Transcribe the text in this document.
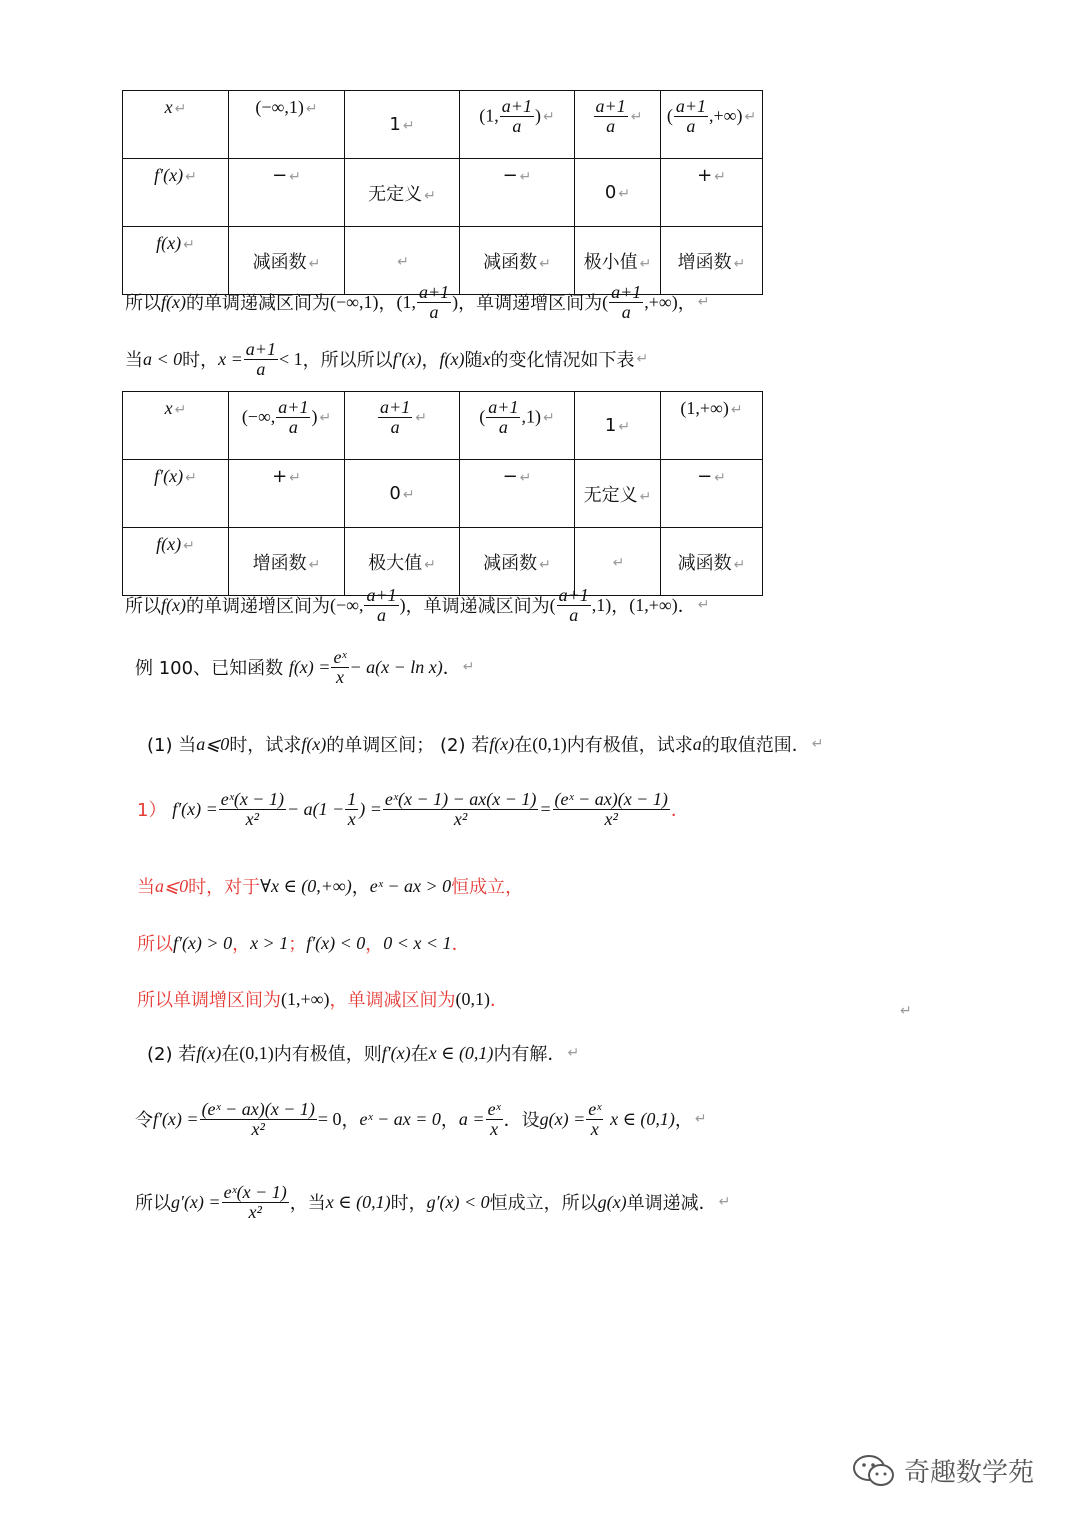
x ↵	(−∞,1) ↵	1 ↵	(1, $\frac{a+1}{a}$ ) ↵	$\frac{a+1}{a}$ ↵	( $\frac{a+1}{a}$ ,+∞) ↵
f′(x) ↵	− ↵	无定义 ↵	− ↵	0 ↵	+ ↵
f(x) ↵	减函数 ↵	↵	减函数 ↵	极小值 ↵	增函数 ↵
所以 f(x) 的单调递减区间为 (−∞,1) ， (1, $\frac{a+1}{a}$ ) ，单调递增区间为 ( $\frac{a+1}{a}$ ,+∞) ， ↵
当 a < 0 时， $x = \frac{a+1}{a} < 1$ ，所以所以 f′(x) ， f(x) 随 x 的变化情况如下表 ↵
x ↵	(−∞, $\frac{a+1}{a}$ ) ↵	$\frac{a+1}{a}$ ↵	( $\frac{a+1}{a} ,1$) ↵	1 ↵	(1,+∞) ↵
f′(x) ↵	+ ↵	0 ↵	− ↵	无定义 ↵	− ↵
f(x) ↵	增函数 ↵	极大值 ↵	减函数 ↵	↵	减函数 ↵
所以 f(x) 的单调递增区间为 (−∞, $\frac{a+1}{a}$ ) ，单调递减区间为 ( $\frac{a+1}{a} ,1$) ， (1,+∞) ． ↵
例 100、已知函数
$f(x) = \frac{\text{eˣ}}{x} - a(x - \ln x)$ ． ↵
(1) 当 a⩽0 时，试求 f(x) 的单调区间；
(2) 若 f(x) 在 (0,1) 内有极值，试求 a 的取值范围． ↵
1）
$f'(x) = \frac{\text{eˣ(x − 1)}}{\text{x²}} - a(1 - \frac{1}{x}$ ) = $\frac{\text{eˣ(x − 1) − ax(x − 1)}}{\text{x²}} = \frac{\text{(eˣ − ax)(x − 1)}}{\text{x²}}$ ．
当 a⩽0 时，对于 ∀x ∈ (0,+∞) ， eˣ − ax > 0 恒成立，
所以 f′(x) > 0 ， x > 1 ； f′(x) < 0 ， 0 < x < 1 ．
所以单调增区间为 (1,+∞) ，单调减区间为 (0,1) ．	↵
(2) 若 f(x) 在 (0,1) 内有极值，则 f′(x) 在 x ∈ (0,1) 内有解． ↵
令 $f'(x) = \frac{\text{(eˣ − ax)(x − 1)}}{\text{x²}} = 0$ ， eˣ − ax = 0 ， $a = \frac{\text{eˣ}}{x}$ ．设 $g(x) = \frac{\text{eˣ}}{x}$
x ∈ (0,1) ， ↵
所以 $g'(x) = \frac{\text{eˣ(x − 1)}}{\text{x²}}$ ，当 x ∈ (0,1) 时， g′(x) < 0 恒成立，所以 g(x) 单调递减． ↵
奇趣数学苑
